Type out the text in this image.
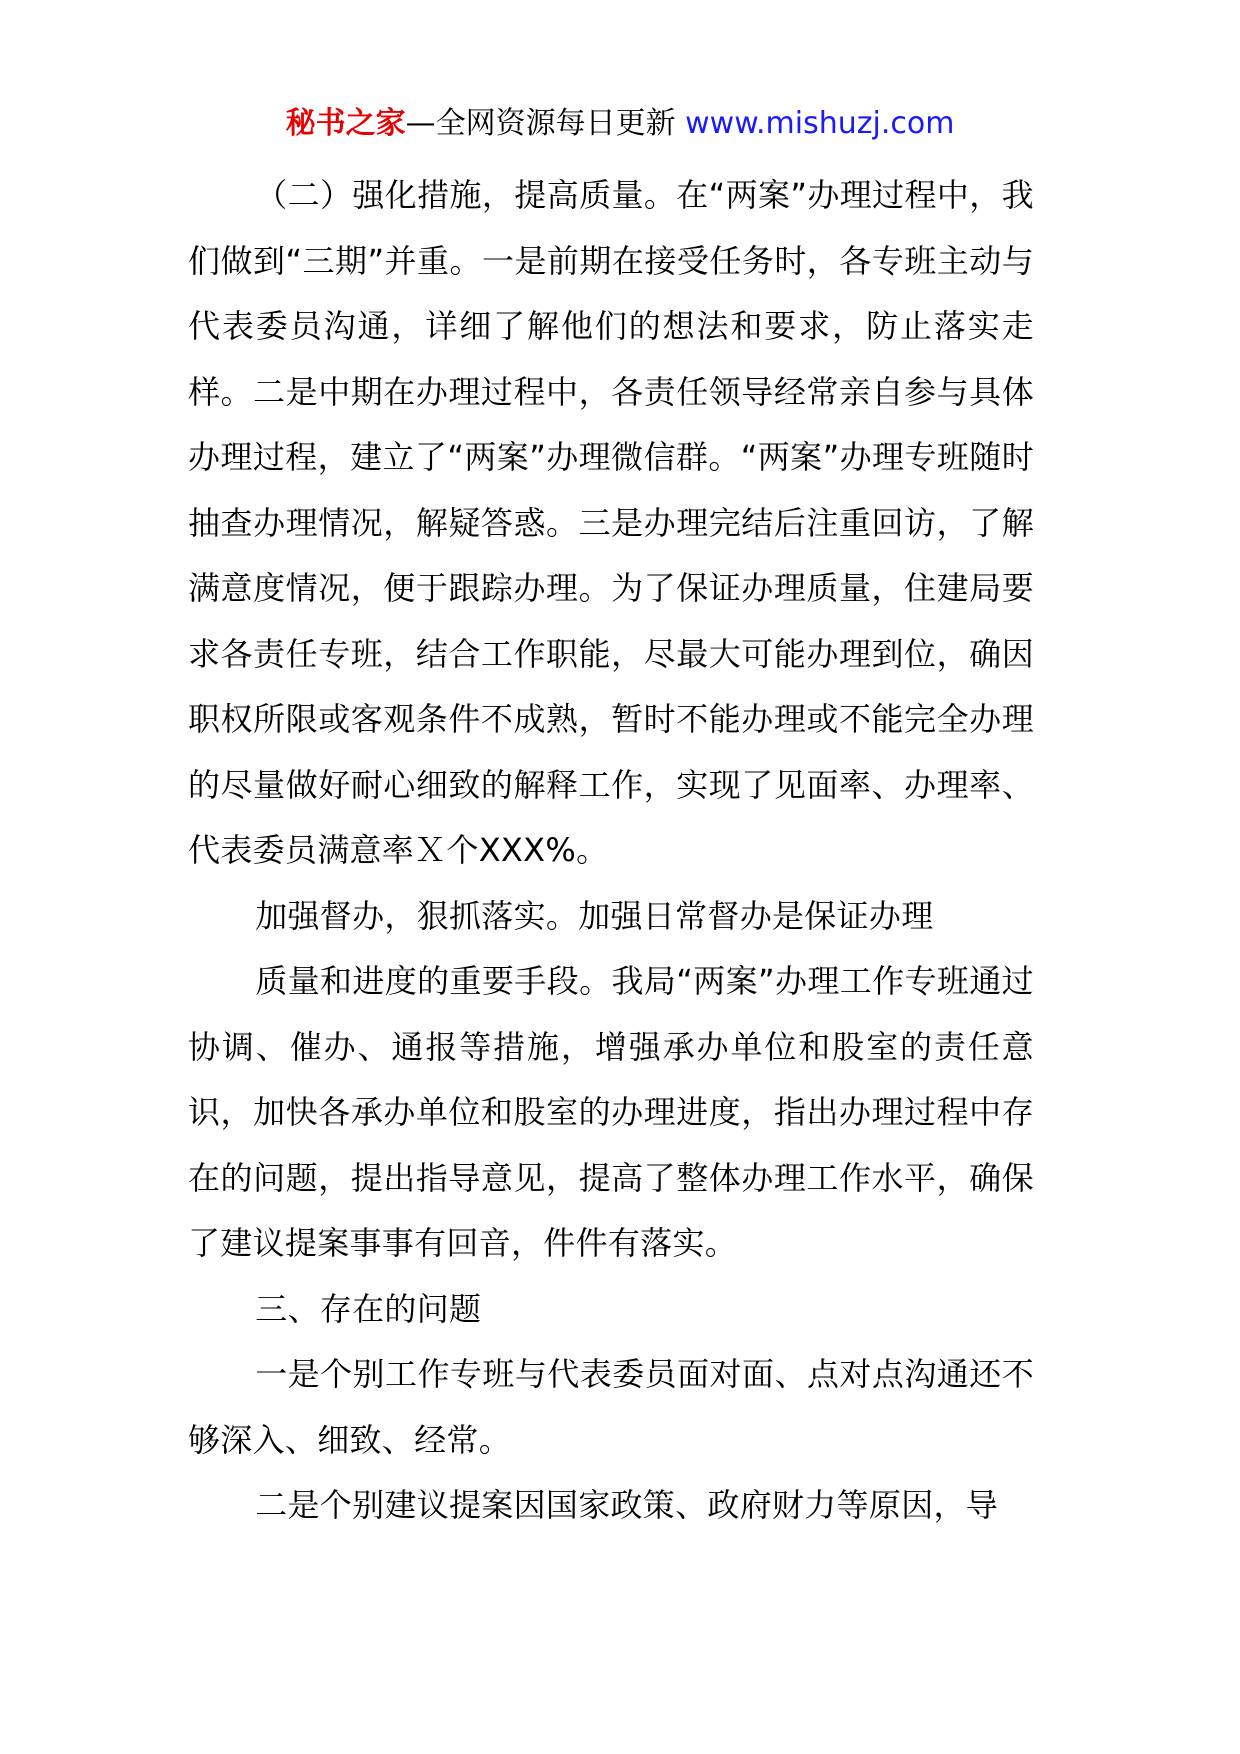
秘书之家—全网资源每日更新 www.mishuzj.com

（二）强化措施，提高质量。在“两案”办理过程中，我们做到“三期”并重。一是前期在接受任务时，各专班主动与代表委员沟通，详细了解他们的想法和要求，防止落实走样。二是中期在办理过程中，各责任领导经常亲自参与具体办理过程，建立了“两案”办理微信群。“两案”办理专班随时抽查办理情况，解疑答惑。三是办理完结后注重回访，了解满意度情况，便于跟踪办理。为了保证办理质量，住建局要求各责任专班，结合工作职能，尽最大可能办理到位，确因职权所限或客观条件不成熟，暂时不能办理或不能完全办理的尽量做好耐心细致的解释工作，实现了见面率、办理率、代表委员满意率Ｘ个XXX%。

加强督办，狠抓落实。加强日常督办是保证办理

质量和进度的重要手段。我局“两案”办理工作专班通过协调、催办、通报等措施，增强承办单位和股室的责任意识，加快各承办单位和股室的办理进度，指出办理过程中存在的问题，提出指导意见，提高了整体办理工作水平，确保了建议提案事事有回音，件件有落实。

三、存在的问题

一是个别工作专班与代表委员面对面、点对点沟通还不够深入、细致、经常。

二是个别建议提案因国家政策、政府财力等原因，导
